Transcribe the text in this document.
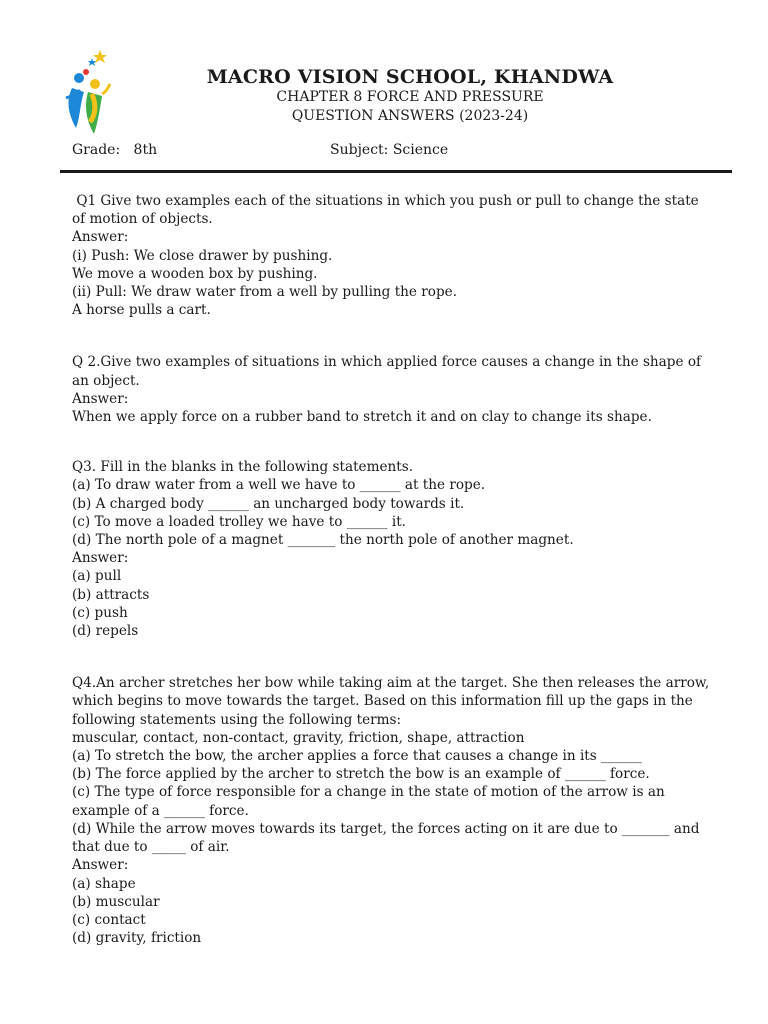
MACRO VISION SCHOOL, KHANDWA
CHAPTER 8 FORCE AND PRESSURE
QUESTION ANSWERS (2023-24)
Grade: 8th	Subject: Science
Q1 Give two examples each of the situations in which you push or pull to change the state
of motion of objects.
Answer:
(i) Push: We close drawer by pushing.
We move a wooden box by pushing.
(ii) Pull: We draw water from a well by pulling the rope.
A horse pulls a cart.
Q 2.Give two examples of situations in which applied force causes a change in the shape of
an object.
Answer:
When we apply force on a rubber band to stretch it and on clay to change its shape.
Q3. Fill in the blanks in the following statements.
(a) To draw water from a well we have to ______ at the rope.
(b) A charged body ______ an uncharged body towards it.
(c) To move a loaded trolley we have to ______ it.
(d) The north pole of a magnet _______ the north pole of another magnet.
Answer:
(a) pull
(b) attracts
(c) push
(d) repels
Q4.An archer stretches her bow while taking aim at the target. She then releases the arrow,
which begins to move towards the target. Based on this information fill up the gaps in the
following statements using the following terms:
muscular, contact, non-contact, gravity, friction, shape, attraction
(a) To stretch the bow, the archer applies a force that causes a change in its ______
(b) The force applied by the archer to stretch the bow is an example of ______ force.
(c) The type of force responsible for a change in the state of motion of the arrow is an
example of a ______ force.
(d) While the arrow moves towards its target, the forces acting on it are due to _______ and
that due to _____ of air.
Answer:
(a) shape
(b) muscular
(c) contact
(d) gravity, friction
